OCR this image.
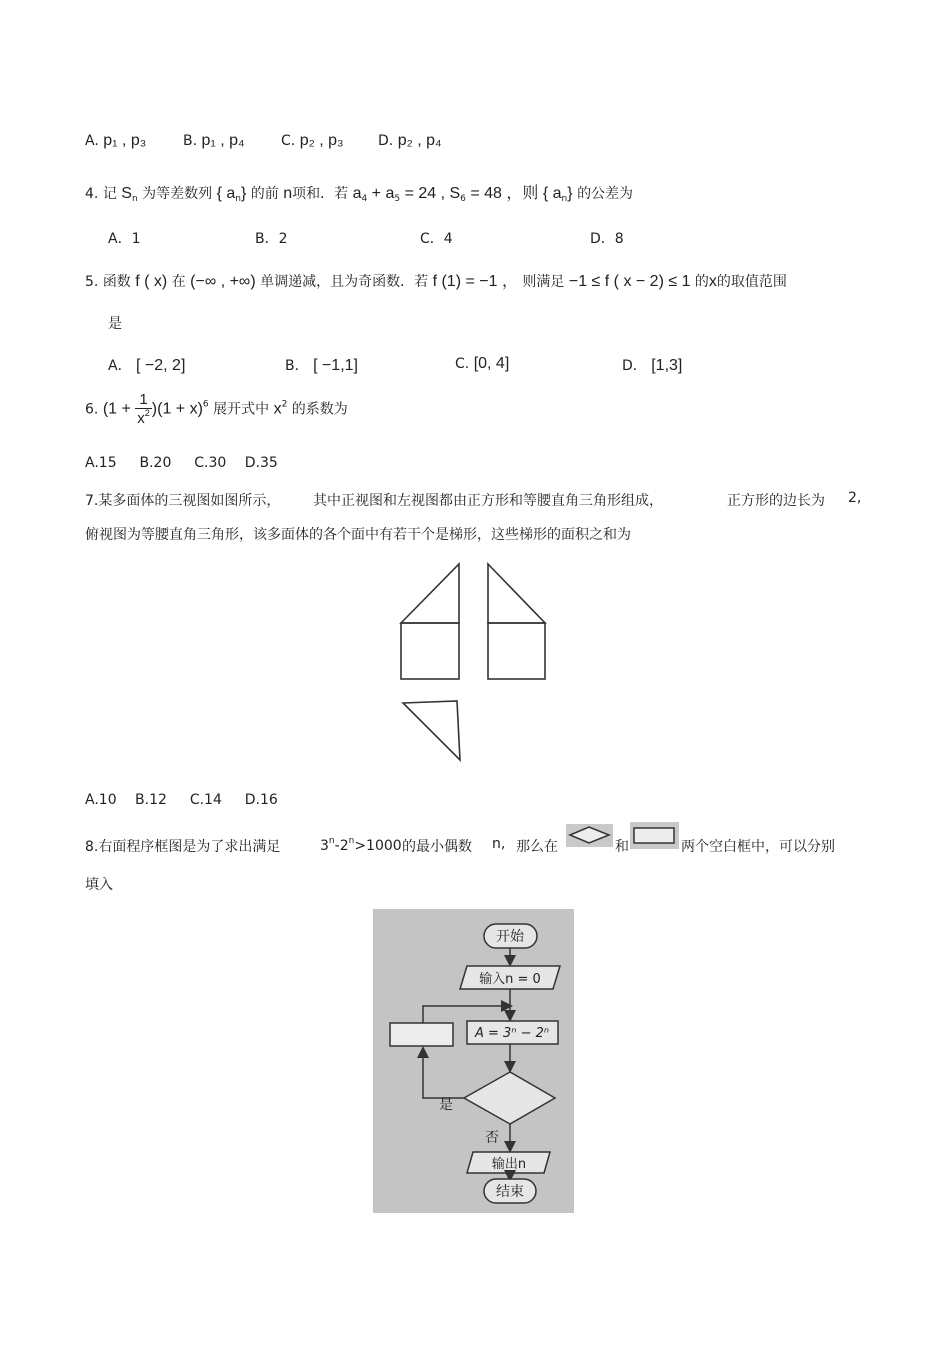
A. p₁ , p₃	B. p₁ , p₄	C. p₂ , p₃ D. p₂ , p₄
4. 记 $S_n$ 为等差数列 { $a_n$} 的前 n项和．若 $a_4 + a_5 = 24$ , $S_6 = 48$ ，则 { $a_n$} 的公差为
A．1	B．2	C．4	D．8
5. 函数 f ( x) 在 (−∞ , +∞) 单调递减，且为奇函数．若 f (1) = −1 ， 则满足 −1 ≤ f ( x − 2) ≤ 1 的x的取值范围
是
A． [ −2, 2]	B． [ −1,1]	C. [0, 4]	D． [1,3]
6. $(1 + \frac{1}{x^2} )(1 + x)^6$ 展开式中 $x^2$ 的系数为
A.15 　 B.20 　 C.30 　D.35
7.某多面体的三视图如图所示， 其中正视图和左视图都由正方形和等腰直角三角形组成，	正方形的边长为 2,
俯视图为等腰直角三角形，该多面体的各个面中有若干个是梯形，这些梯形的面积之和为
A.10 　B.12 　 C.14 　 D.16
8.右面程序框图是为了求出满足	$3^n-2^n>1000$ 的最小偶数 n, 那么在	和	两个空白框中，可以分别
填入
开始
输入n = 0
A = 3ⁿ − 2ⁿ
是
否
输出n
结束
